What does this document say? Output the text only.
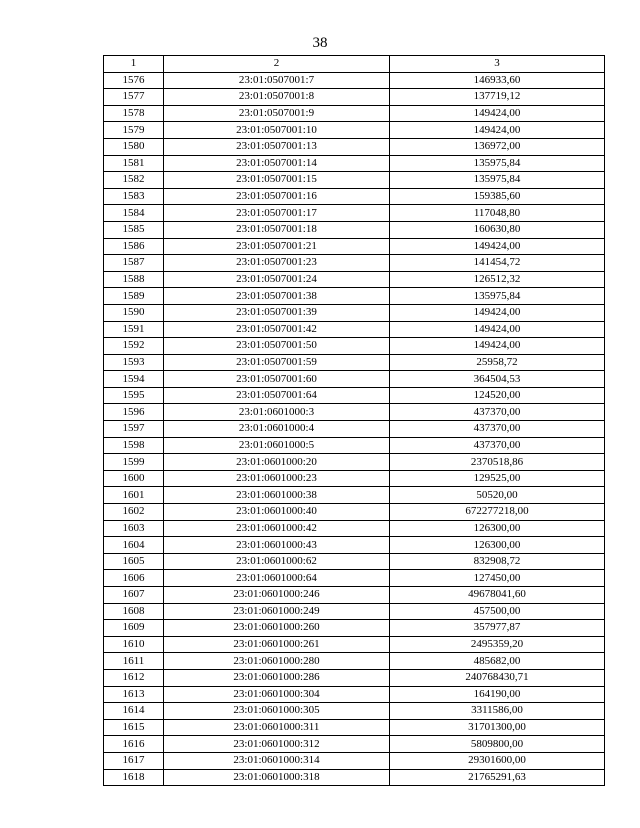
38
1	2	3
1576	23:01:0507001:7	146933,60
1577	23:01:0507001:8	137719,12
1578	23:01:0507001:9	149424,00
1579	23:01:0507001:10	149424,00
1580	23:01:0507001:13	136972,00
1581	23:01:0507001:14	135975,84
1582	23:01:0507001:15	135975,84
1583	23:01:0507001:16	159385,60
1584	23:01:0507001:17	117048,80
1585	23:01:0507001:18	160630,80
1586	23:01:0507001:21	149424,00
1587	23:01:0507001:23	141454,72
1588	23:01:0507001:24	126512,32
1589	23:01:0507001:38	135975,84
1590	23:01:0507001:39	149424,00
1591	23:01:0507001:42	149424,00
1592	23:01:0507001:50	149424,00
1593	23:01:0507001:59	25958,72
1594	23:01:0507001:60	364504,53
1595	23:01:0507001:64	124520,00
1596	23:01:0601000:3	437370,00
1597	23:01:0601000:4	437370,00
1598	23:01:0601000:5	437370,00
1599	23:01:0601000:20	2370518,86
1600	23:01:0601000:23	129525,00
1601	23:01:0601000:38	50520,00
1602	23:01:0601000:40	672277218,00
1603	23:01:0601000:42	126300,00
1604	23:01:0601000:43	126300,00
1605	23:01:0601000:62	832908,72
1606	23:01:0601000:64	127450,00
1607	23:01:0601000:246	49678041,60
1608	23:01:0601000:249	457500,00
1609	23:01:0601000:260	357977,87
1610	23:01:0601000:261	2495359,20
1611	23:01:0601000:280	485682,00
1612	23:01:0601000:286	240768430,71
1613	23:01:0601000:304	164190,00
1614	23:01:0601000:305	3311586,00
1615	23:01:0601000:311	31701300,00
1616	23:01:0601000:312	5809800,00
1617	23:01:0601000:314	29301600,00
1618	23:01:0601000:318	21765291,63
